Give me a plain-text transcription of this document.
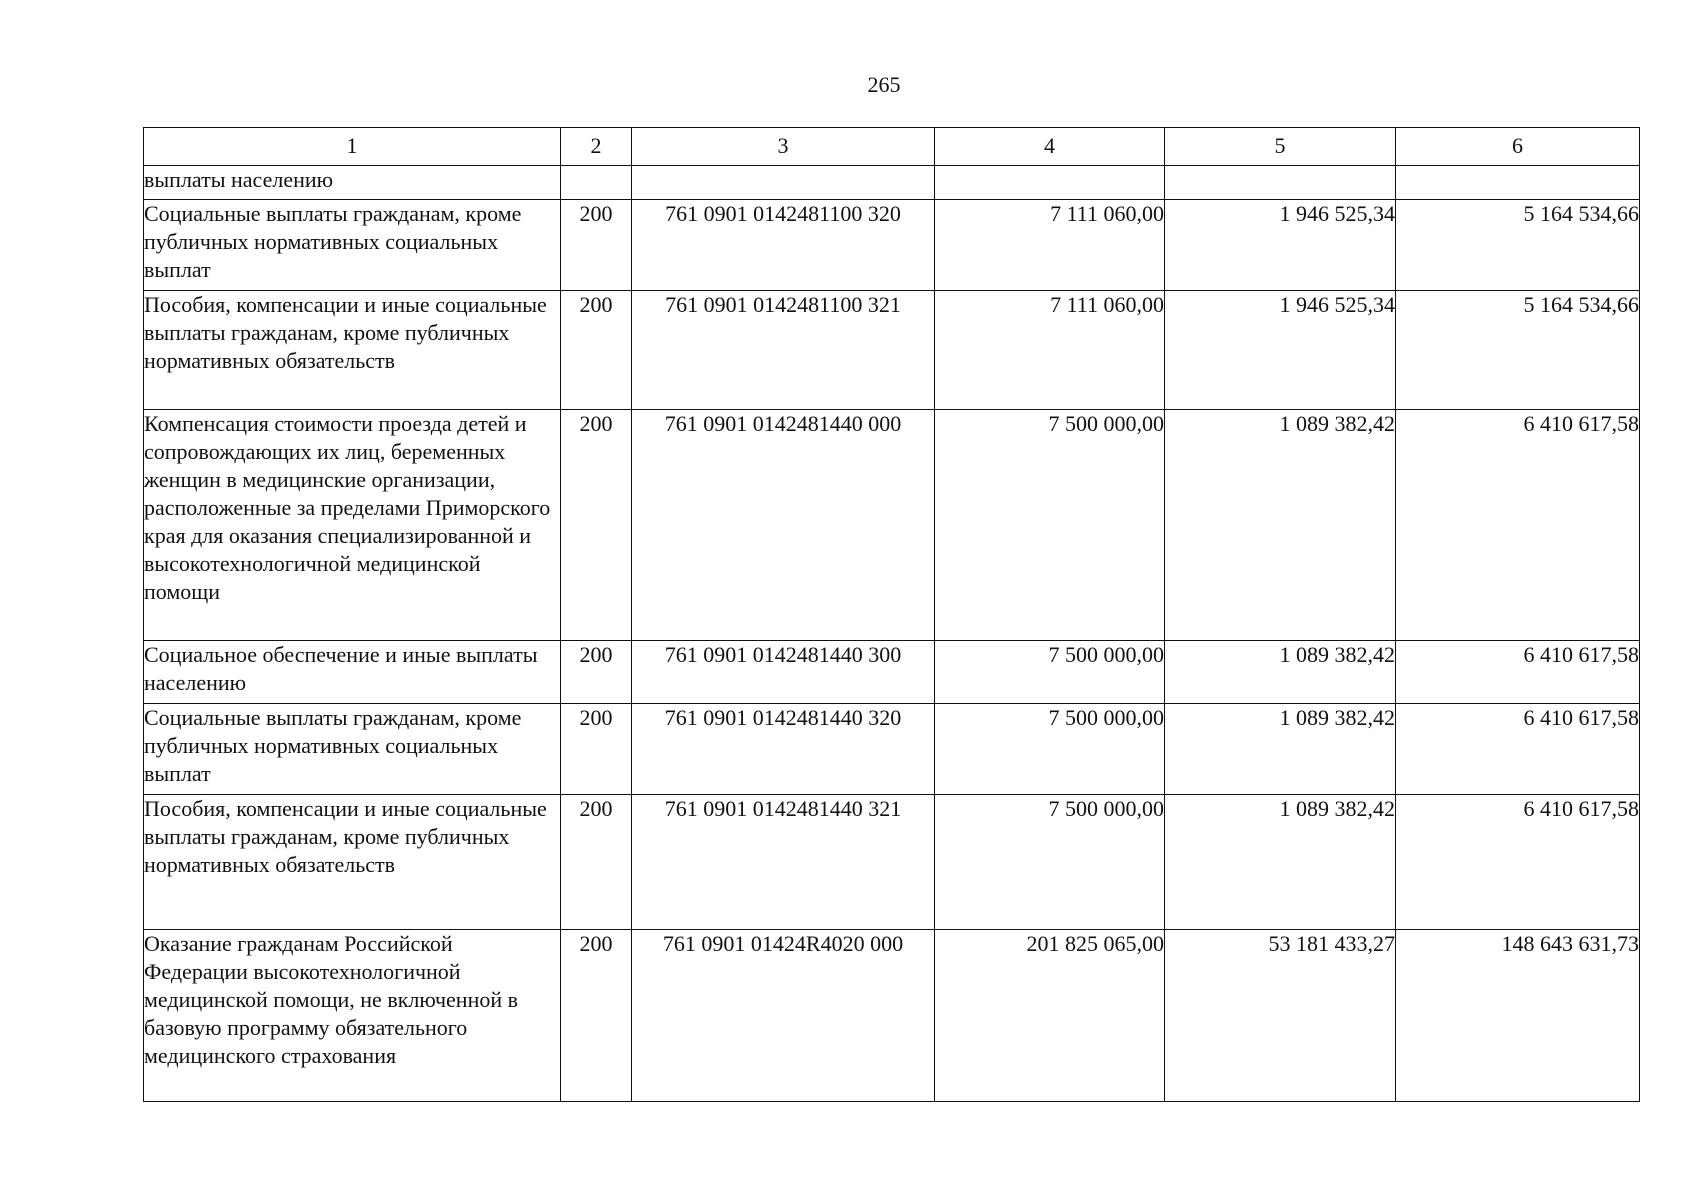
265
1	2	3	4	5	6
выплаты населению					
Социальные выплаты гражданам, кроме публичных нормативных социальных выплат	200	761 0901 0142481100 320	7 111 060,00	1 946 525,34	5 164 534,66
Пособия, компенсации и иные социальные выплаты гражданам, кроме публичных нормативных обязательств	200	761 0901 0142481100 321	7 111 060,00	1 946 525,34	5 164 534,66
Компенсация стоимости проезда детей и сопровождающих их лиц, беременных женщин в медицинские организации, расположенные за пределами Приморского края для оказания специализированной и высокотехнологичной медицинской помощи	200	761 0901 0142481440 000	7 500 000,00	1 089 382,42	6 410 617,58
Социальное обеспечение и иные выплаты населению	200	761 0901 0142481440 300	7 500 000,00	1 089 382,42	6 410 617,58
Социальные выплаты гражданам, кроме публичных нормативных социальных выплат	200	761 0901 0142481440 320	7 500 000,00	1 089 382,42	6 410 617,58
Пособия, компенсации и иные социальные выплаты гражданам, кроме публичных нормативных обязательств	200	761 0901 0142481440 321	7 500 000,00	1 089 382,42	6 410 617,58
Оказание гражданам Российской Федерации высокотехнологичной медицинской помощи, не включенной в базовую программу обязательного медицинского страхования	200	761 0901 01424R4020 000	201 825 065,00	53 181 433,27	148 643 631,73
